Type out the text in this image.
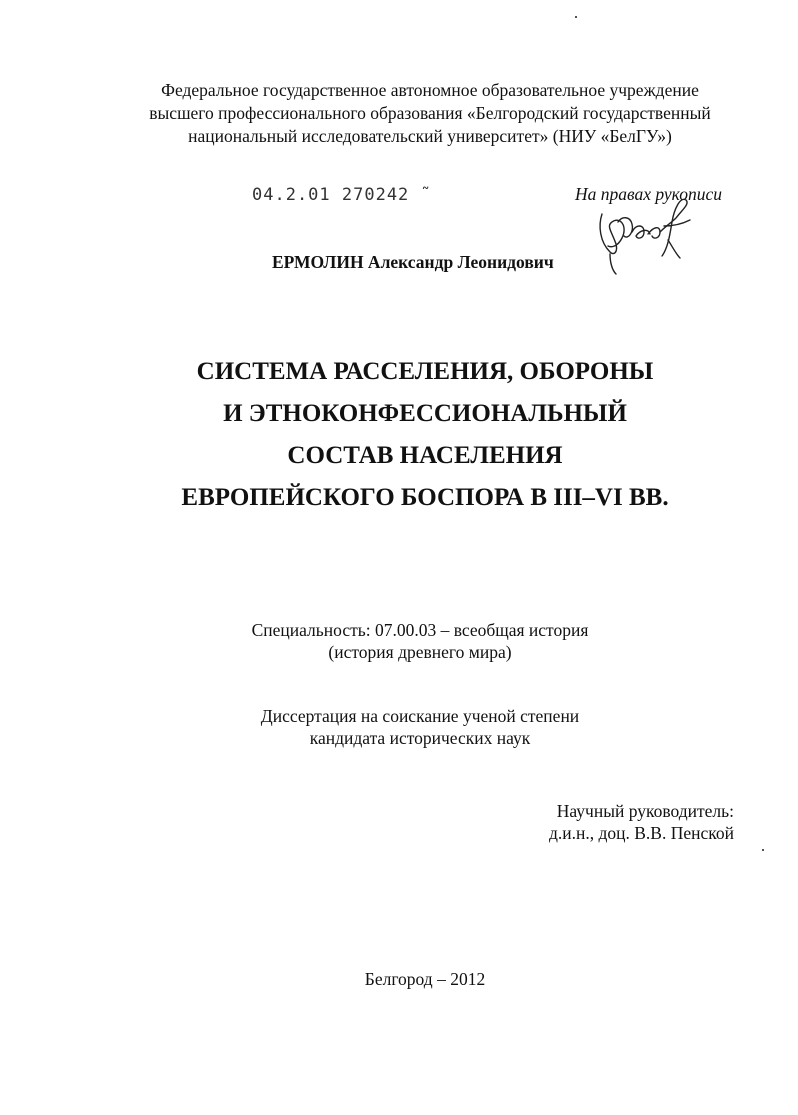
Федеральное государственное автономное образовательное учреждение
высшего профессионального образования «Белгородский государственный
национальный исследовательский университет» (НИУ «БелГУ»)
04.2.01 270242 ˜	На правах рукописи
ЕРМОЛИН Александр Леонидович
СИСТЕМА РАССЕЛЕНИЯ, ОБОРОНЫ
И ЭТНОКОНФЕССИОНАЛЬНЫЙ
СОСТАВ НАСЕЛЕНИЯ
ЕВРОПЕЙСКОГО БОСПОРА В III–VI ВВ.
Специальность: 07.00.03 – всеобщая история
(история древнего мира)
Диссертация на соискание ученой степени
кандидата исторических наук
Научный руководитель:
д.и.н., доц. В.В. Пенской
Белгород – 2012
